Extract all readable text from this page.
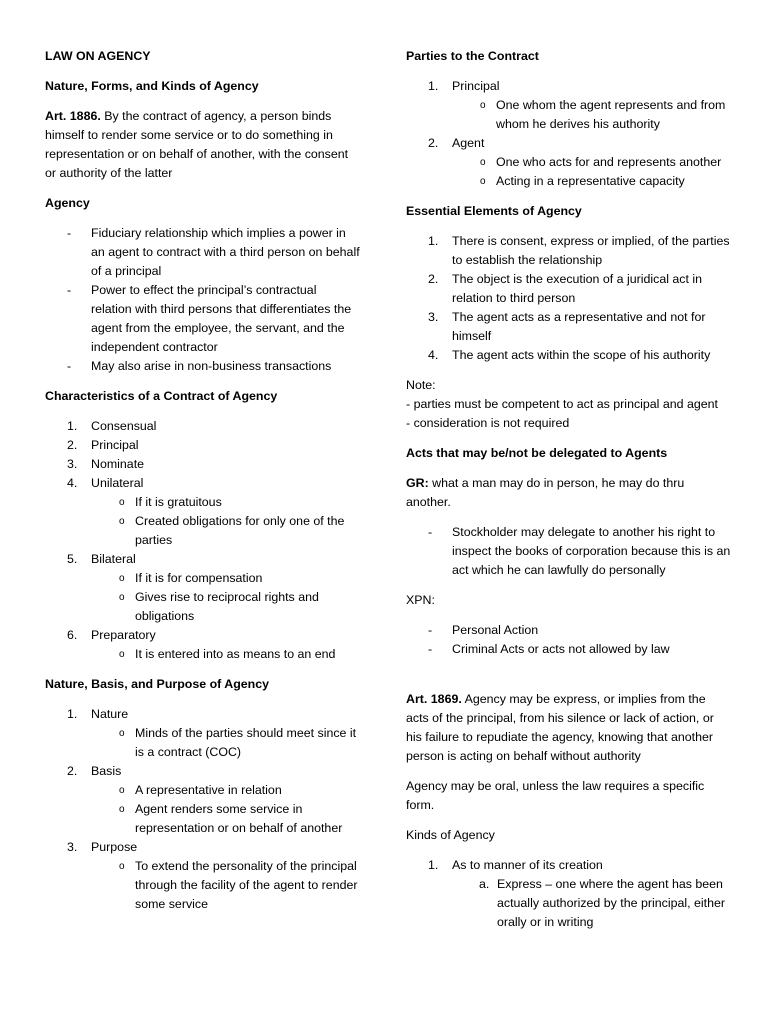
LAW ON AGENCY
Nature, Forms, and Kinds of Agency
Art. 1886. By the contract of agency, a person binds himself to render some service or to do something in representation or on behalf of another, with the consent or authority of the latter
Agency
- Fiduciary relationship which implies a power in an agent to contract with a third person on behalf of a principal
- Power to effect the principal’s contractual relation with third persons that differentiates the agent from the employee, the servant, and the independent contractor
- May also arise in non-business transactions
Characteristics of a Contract of Agency
1. Consensual
2. Principal
3. Nominate
4. Unilateral
o If it is gratuitous
o Created obligations for only one of the parties
5. Bilateral
o If it is for compensation
o Gives rise to reciprocal rights and obligations
6. Preparatory
o It is entered into as means to an end
Nature, Basis, and Purpose of Agency
1. Nature
o Minds of the parties should meet since it is a contract (COC)
2. Basis
o A representative in relation
o Agent renders some service in representation or on behalf of another
3. Purpose
o To extend the personality of the principal through the facility of the agent to render some service
Parties to the Contract
1. Principal
o One whom the agent represents and from whom he derives his authority
2. Agent
o One who acts for and represents another
o Acting in a representative capacity
Essential Elements of Agency
1. There is consent, express or implied, of the parties to establish the relationship
2. The object is the execution of a juridical act in relation to third person
3. The agent acts as a representative and not for himself
4. The agent acts within the scope of his authority
Note:
- parties must be competent to act as principal and agent
- consideration is not required
Acts that may be/not be delegated to Agents
GR: what a man may do in person, he may do thru another.
- Stockholder may delegate to another his right to inspect the books of corporation because this is an act which he can lawfully do personally
XPN:
- Personal Action
- Criminal Acts or acts not allowed by law
Art. 1869. Agency may be express, or implies from the acts of the principal, from his silence or lack of action, or his failure to repudiate the agency, knowing that another person is acting on behalf without authority
Agency may be oral, unless the law requires a specific form.
Kinds of Agency
1. As to manner of its creation
a. Express – one where the agent has been actually authorized by the principal, either orally or in writing
